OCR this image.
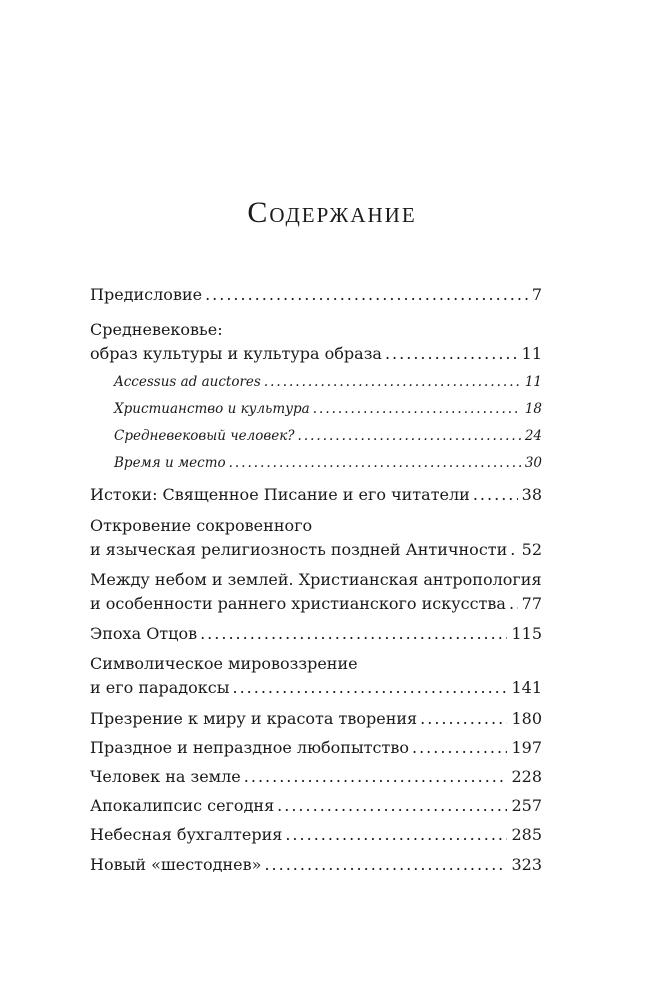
Содержание
Предисловие .....	7
Средневековье:
образ культуры и культура образа .....	11
Accessus ad auctores .....	11
Христианство и культура .....	18
Средневековый человек? .....	24
Время и место .....	30
Истоки: Священное Писание и его читатели .....	38
Откровение сокровенного
и языческая религиозность поздней Античности ..... 52
Между небом и землей. Христианская антропология
и особенности раннего христианского искусства ..... 77
Эпоха Отцов .....	115
Символическое мировоззрение
и его парадоксы .....	141
Презрение к миру и красота творения .....	180
Праздное и непраздное любопытство .....	197
Человек на земле .....	228
Апокалипсис сегодня .....	257
Небесная бухгалтерия .....	285
Новый «шестоднев» .....	323
